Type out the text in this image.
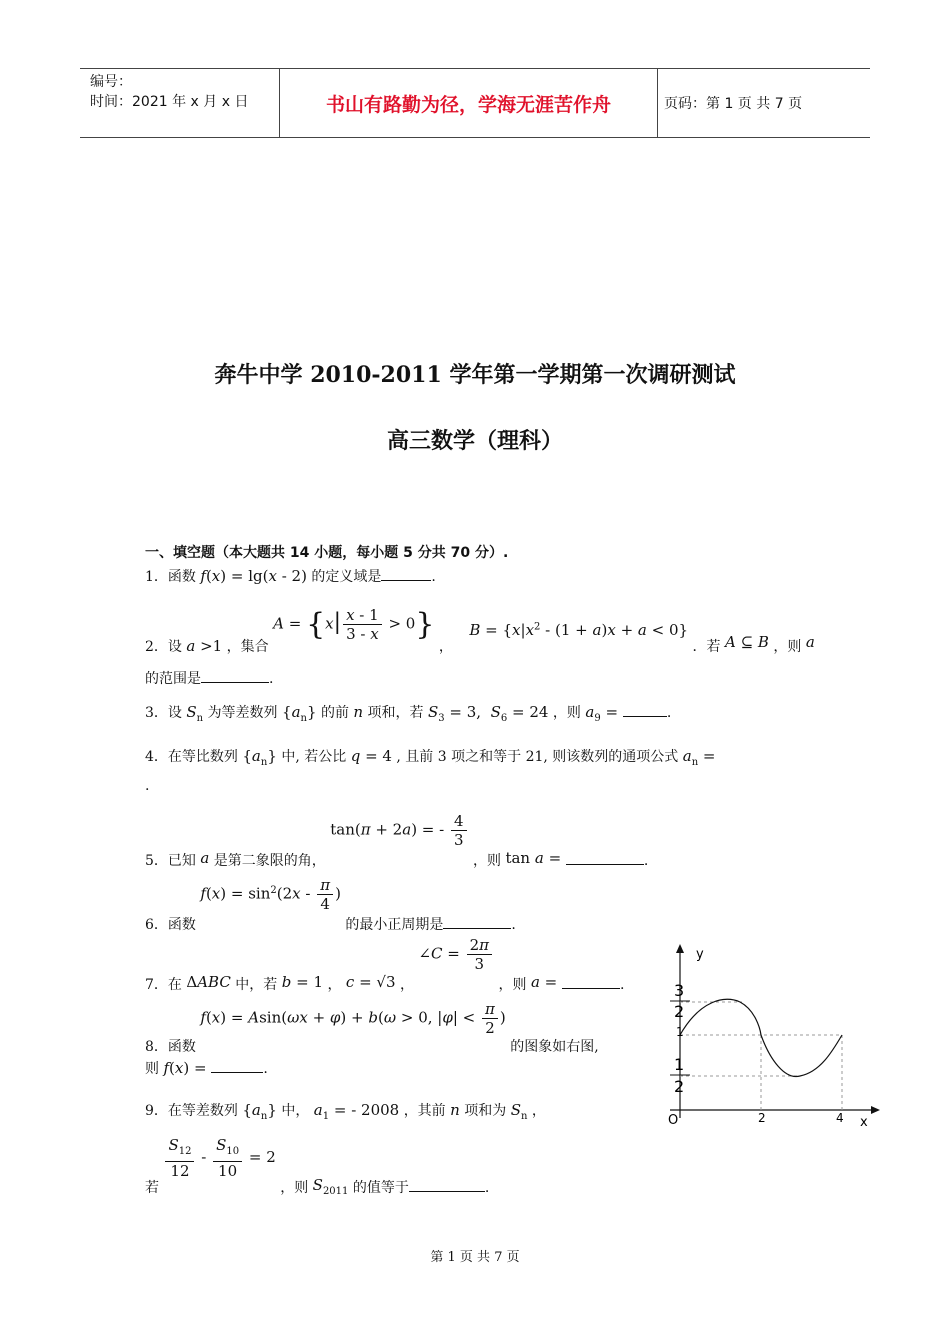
编号：
时间：2021 年 x 月 x 日	书山有路勤为径，学海无涯苦作舟	页码：第 1 页 共 7 页
奔牛中学 2010-2011 学年第一学期第一次调研测试
高三数学（理科）
一、填空题（本大题共 14 小题，每小题 5 分共 70 分）.
1．函数 f(x) = lg(x - 2) 的定义域是	.
2．设 a >1 ，集合 $A = \{x| \frac{x - 1}{3 - x} > 0\}$ ， $B = \{x|x^2 - (1 + a)x + a < 0\}$ ．若 A ⊆ B ，则 a
的范围是	.
3．设 $S_n$ 为等差数列 $\{a_n\}$ 的前 n 项和，若 $S_3 = 3$,  $S_6 = 24$ ，则 $a_9$ =	.
4．在等比数列 $\{a_n\}$ 中, 若公比 q = 4 , 且前 3 项之和等于 21, 则该数列的通项公式 $a_n$ =
.
5．已知 a 是第二象限的角， tan(π + 2a) = - $\frac{4}{3}$
，则 tan a =	.
6．函数 $f(x) = \sin^2(2x - \frac{\pi}{4}$ ) 的最小正周期是	.
7．在 ΔABC 中，若 b = 1 ， c = √3 ， ∠C = $\frac{2\pi}{3}$
，则 a =	.
8．函数 f(x) = Asin(ωx + φ) + b(ω > 0, $|\varphi| < \frac{\pi}{2}$ ) 的图象如右图,
则 f(x) =	.
9．在等差数列 $\{a_n\}$ 中， $a_1$ = - 2008 ，其前 n 项和为 $S_n$ ，
若
$\frac{S_{12}}{12} - \frac{S_{10}}{10} = 2$ ，则 $S_{2011}$ 的值等于	.
y
x
O
3
2
1
1
2
2	4
第 1 页 共 7 页
